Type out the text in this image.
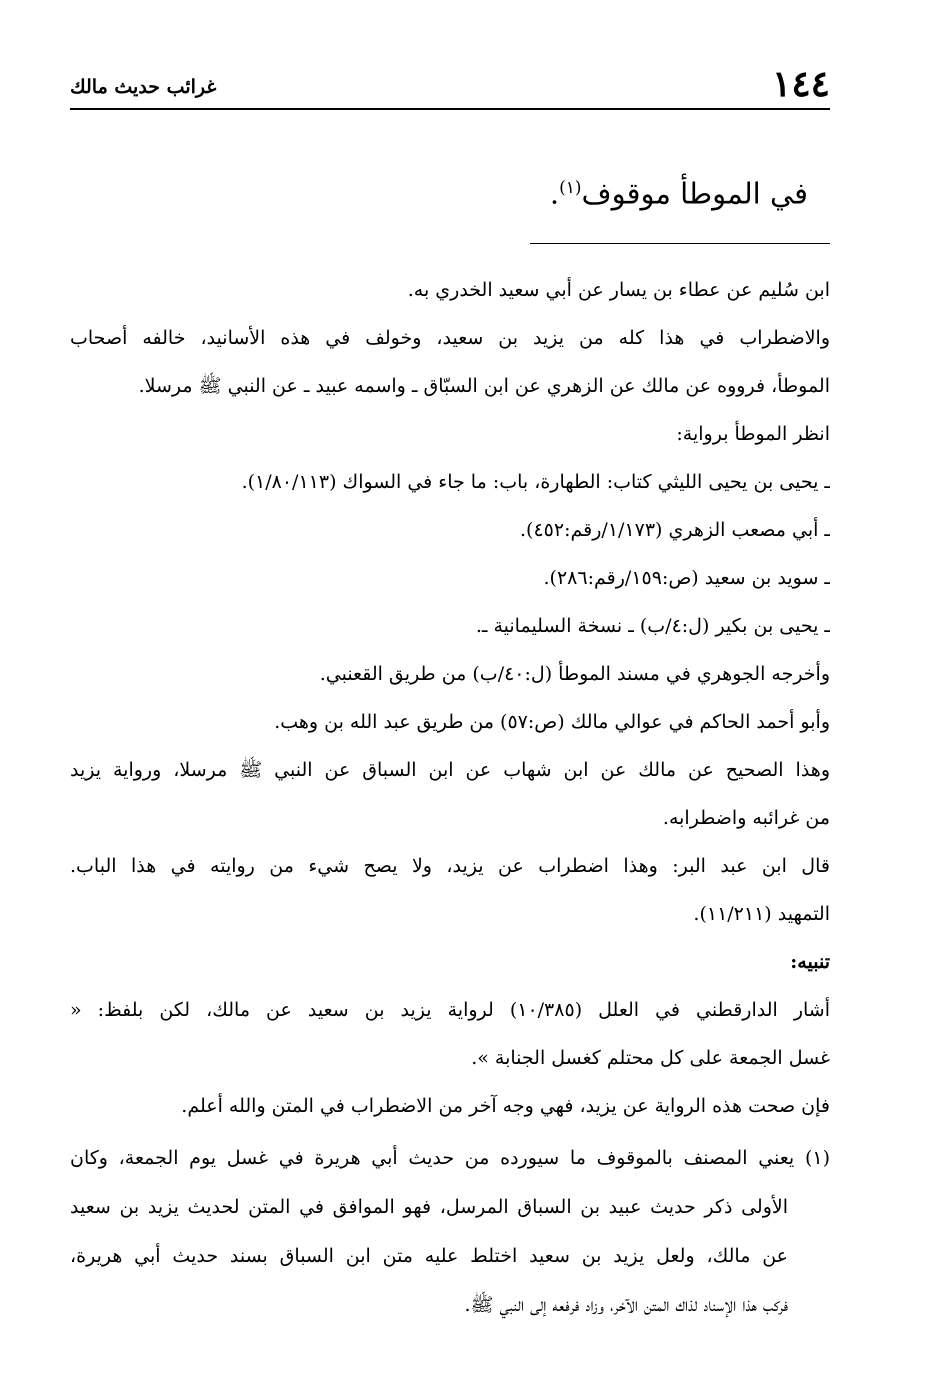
١٤٤
غرائب حديث مالك
في الموطأ موقوف$^{(١)}$.
ابن سُليم عن عطاء بن يسار عن أبي سعيد الخدري به.
والاضطراب في هذا كله من يزيد بن سعيد، وخولف في هذه الأسانيد، خالفه أصحاب
الموطأ، فرووه عن مالك عن الزهري عن ابن السبّاق ـ واسمه عبيد ـ عن النبي ﷺ مرسلا.
انظر الموطأ برواية:
ـ يحيى بن يحيى الليثي كتاب: الطهارة، باب: ما جاء في السواك (١/٨٠/١١٣).
ـ أبي مصعب الزهري (١/١٧٣/رقم:٤٥٢).
ـ سويد بن سعيد (ص:١٥٩/رقم:٢٨٦).
ـ يحيى بن بكير (ل:٤/ب) ـ نسخة السليمانية ـ.
وأخرجه الجوهري في مسند الموطأ (ل:٤٠/ب) من طريق القعنبي.
وأبو أحمد الحاكم في عوالي مالك (ص:٥٧) من طريق عبد الله بن وهب.
وهذا الصحيح عن مالك عن ابن شهاب عن ابن السباق عن النبي ﷺ مرسلا، ورواية يزيد
من غرائبه واضطرابه.
قال ابن عبد البر: وهذا اضطراب عن يزيد، ولا يصح شيء من روايته في هذا الباب.
التمهيد (١١/٢١١).
تنبيه:
أشار الدارقطني في العلل (١٠/٣٨٥) لرواية يزيد بن سعيد عن مالك، لكن بلفظ: «
غسل الجمعة على كل محتلم كغسل الجنابة ».
فإن صحت هذه الرواية عن يزيد، فهي وجه آخر من الاضطراب في المتن والله أعلم.
(١) يعني المصنف بالموقوف ما سيورده من حديث أبي هريرة في غسل يوم الجمعة، وكان
الأولى ذكر حديث عبيد بن السباق المرسل، فهو الموافق في المتن لحديث يزيد بن سعيد
عن مالك، ولعل يزيد بن سعيد اختلط عليه متن ابن السباق بسند حديث أبي هريرة،
فركب هذا الإسناد لذاك المتن الآخر، وزاد فرفعه إلى النبي ﷺ.
